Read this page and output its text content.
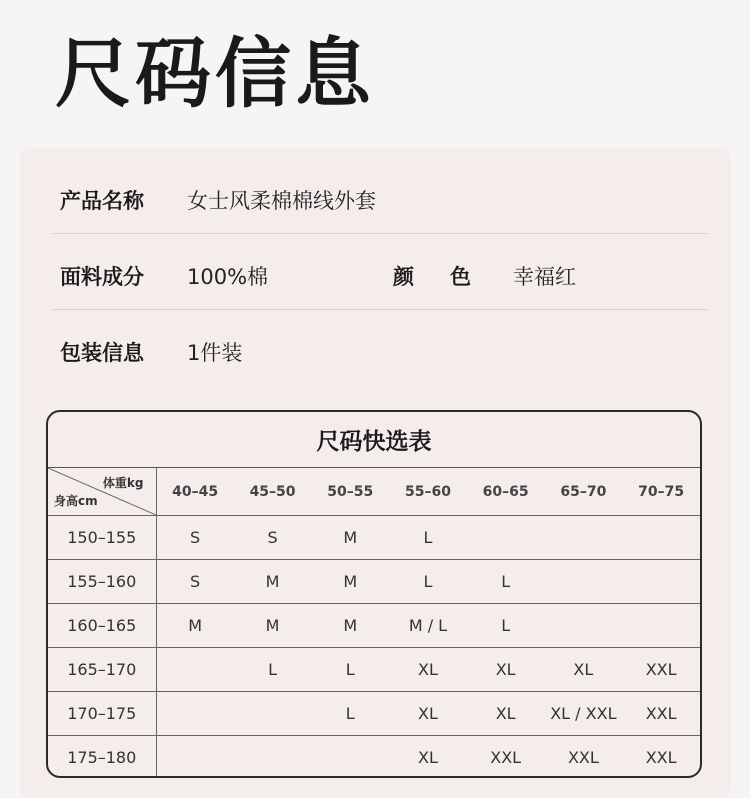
尺码信息
产品名称	女士风柔棉棉线外套
面料成分	100%棉	颜色 幸福红
包装信息	1件装
尺码快选表
体重kg
身高cm	40–45	45–50	50–55	55–60	60–65	65–70	70–75
150–155	S	S	M	L			
155–160	S	M	M	L	L		
160–165	M	M	M	M / L	L		
165–170		L	L	XL	XL	XL	XXL
170–175			L	XL	XL	XL / XXL	XXL
175–180				XL	XXL	XXL	XXL
